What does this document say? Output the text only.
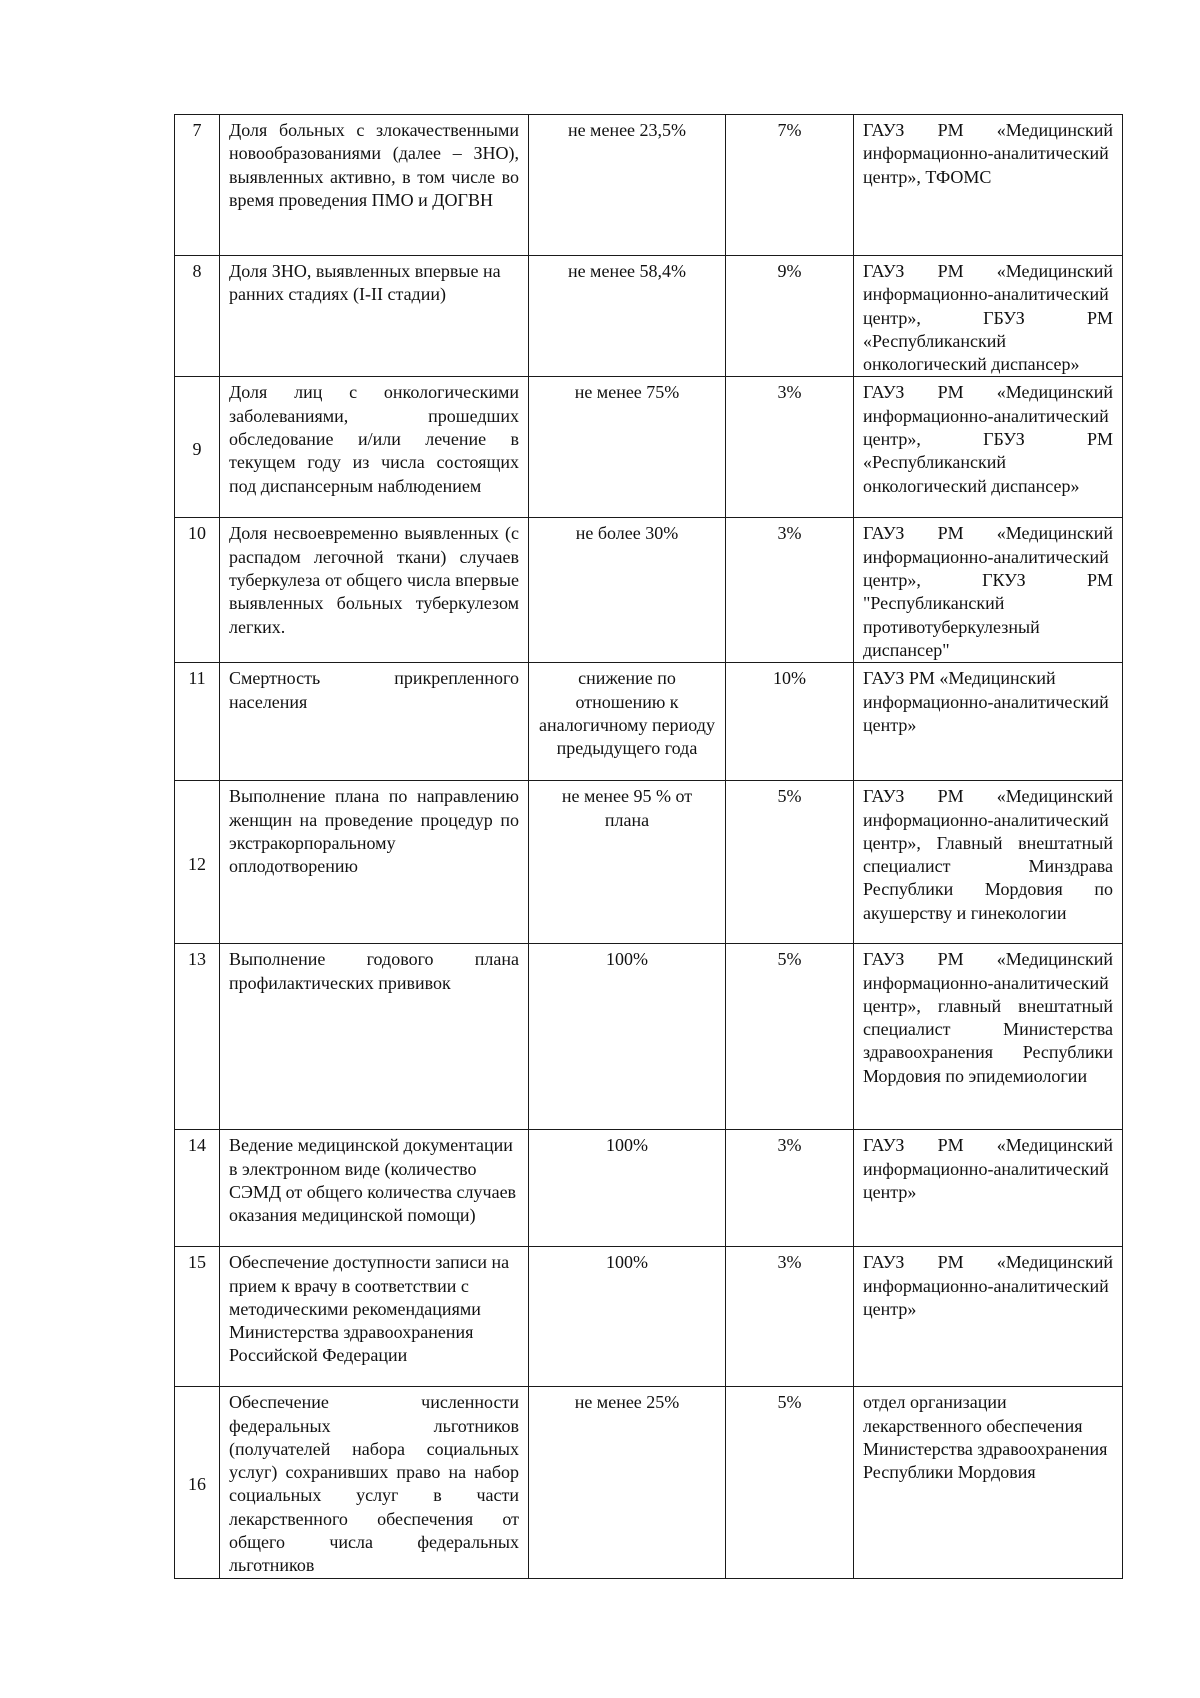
7	Доля больных с злокачественными новообразованиями (далее – ЗНО), выявленных активно, в том числе во время проведения ПМО и ДОГВН	не менее 23,5%	7%	ГАУЗ РМ «Медицинский информационно-аналитический центр», ТФОМС
8	Доля ЗНО, выявленных впервые на ранних стадиях (I-II стадии)	не менее 58,4%	9%	ГАУЗ РМ «Медицинский информационно-аналитический центр», ГБУЗ РМ «Республиканский онкологический диспансер»
9	Доля лиц с онкологическими заболеваниями, прошедших обследование и/или лечение в текущем году из числа состоящих под диспансерным наблюдением	не менее 75%	3%	ГАУЗ РМ «Медицинский информационно-аналитический центр», ГБУЗ РМ «Республиканский онкологический диспансер»
10	Доля несвоевременно выявленных (с распадом легочной ткани) случаев туберкулеза от общего числа впервые выявленных больных туберкулезом легких.	не более 30%	3%	ГАУЗ РМ «Медицинский информационно-аналитический центр», ГКУЗ РМ "Республиканский противотуберкулезный диспансер"
11	Смертность прикрепленного населения	снижение по отношению к аналогичному периоду предыдущего года	10%	ГАУЗ РМ «Медицинский информационно-аналитический центр»
12	Выполнение плана по направлению женщин на проведение процедур по экстракорпоральному оплодотворению	не менее 95 % от плана	5%	ГАУЗ РМ «Медицинский информационно-аналитический центр», Главный внештатный специалист Минздрава Республики Мордовия по акушерству и гинекологии
13	Выполнение годового плана профилактических прививок	100%	5%	ГАУЗ РМ «Медицинский информационно-аналитический центр», главный внештатный специалист Министерства здравоохранения Республики Мордовия по эпидемиологии
14	Ведение медицинской документации в электронном виде (количество СЭМД от общего количества случаев оказания медицинской помощи)	100%	3%	ГАУЗ РМ «Медицинский информационно-аналитический центр»
15	Обеспечение доступности записи на прием к врачу в соответствии с методическими рекомендациями Министерства здравоохранения Российской Федерации	100%	3%	ГАУЗ РМ «Медицинский информационно-аналитический центр»
16	Обеспечение численности федеральных льготников (получателей набора социальных услуг) сохранивших право на набор социальных услуг в части лекарственного обеспечения от общего числа федеральных льготников	не менее 25%	5%	отдел организации лекарственного обеспечения Министерства здравоохранения Республики Мордовия
